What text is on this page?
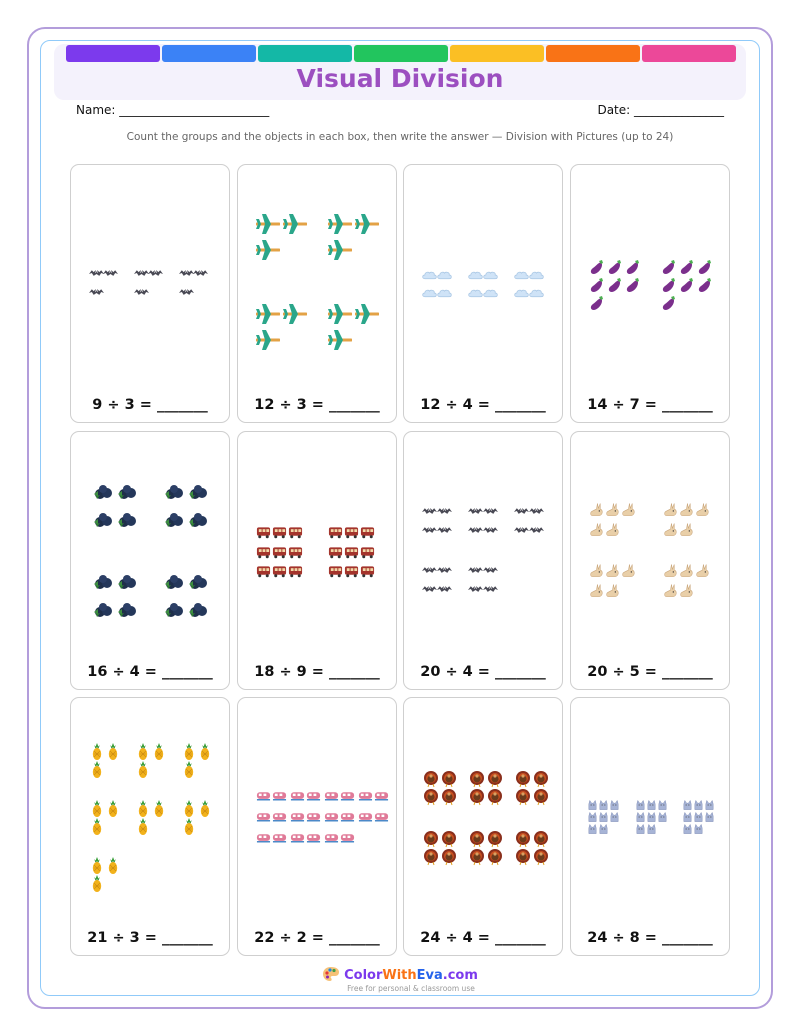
Visual Division
Name: _________________________	Date: _______________
Count the groups and the objects in each box, then write the answer — Division with Pictures (up to 24)
9 ÷ 3 = _______	12 ÷ 3 = _______	12 ÷ 4 = _______	14 ÷ 7 = _______
16 ÷ 4 = _______	18 ÷ 9 = _______	20 ÷ 4 = _______	20 ÷ 5 = _______
21 ÷ 3 = _______	22 ÷ 2 = _______	24 ÷ 4 = _______	24 ÷ 8 = _______
ColorWithEva.com
Free for personal & classroom use
